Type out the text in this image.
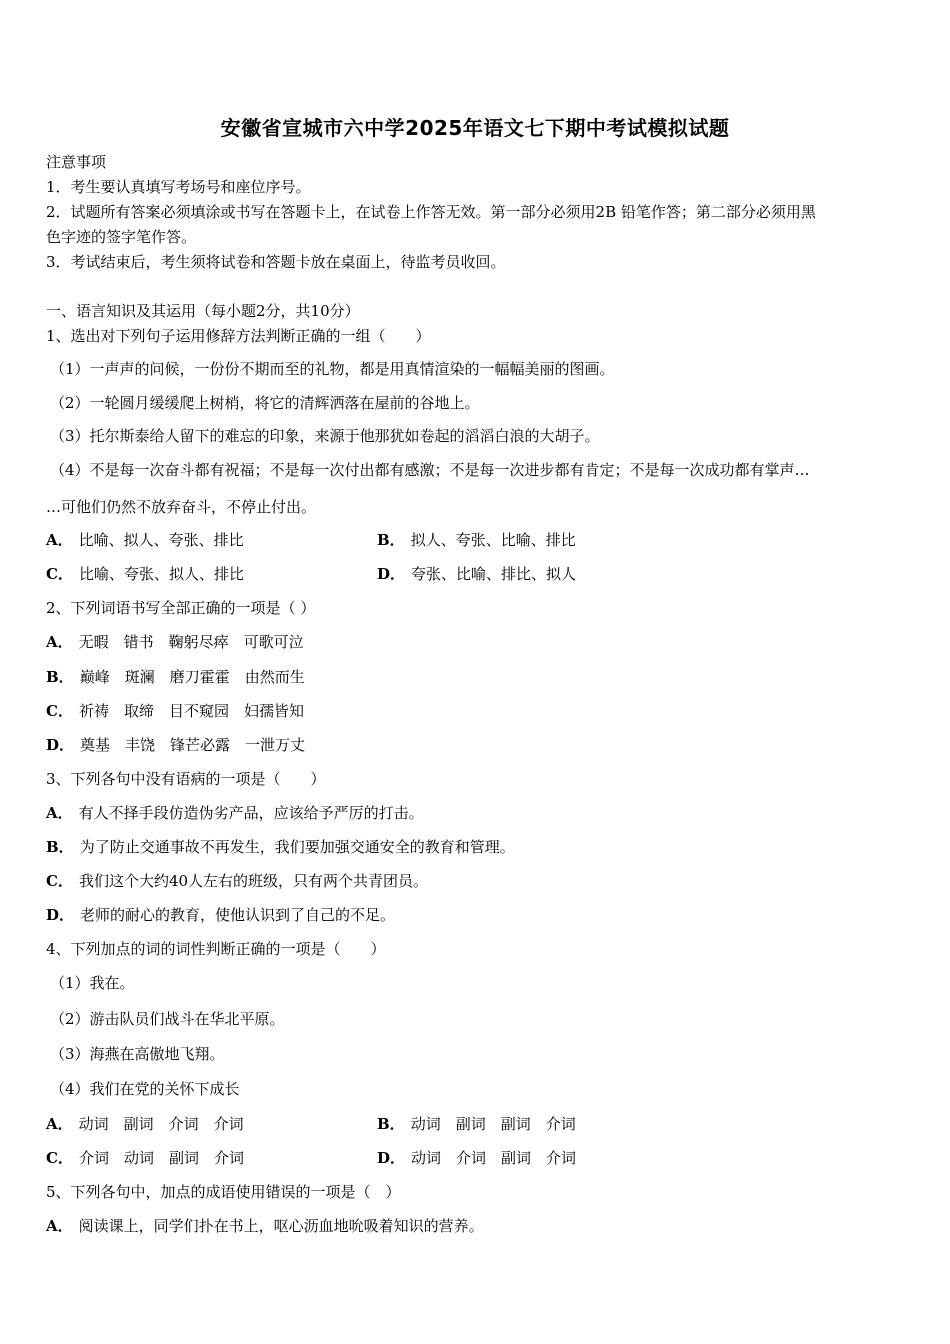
安徽省宣城市六中学2025年语文七下期中考试模拟试题
注意事项
1．考生要认真填写考场号和座位序号。
2．试题所有答案必须填涂或书写在答题卡上，在试卷上作答无效。第一部分必须用2B 铅笔作答；第二部分必须用黑
色字迹的签字笔作答。
3．考试结束后，考生须将试卷和答题卡放在桌面上，待监考员收回。
一、语言知识及其运用（每小题2分，共10分）
1、选出对下列句子运用修辞方法判断正确的一组（　　）
（1）一声声的问候，一份份不期而至的礼物，都是用真情渲染的一幅幅美丽的图画。
（2）一轮圆月缓缓爬上树梢，将它的清辉洒落在屋前的谷地上。
（3）托尔斯泰给人留下的难忘的印象，来源于他那犹如卷起的滔滔白浪的大胡子。
（4）不是每一次奋斗都有祝福；不是每一次付出都有感激；不是每一次进步都有肯定；不是每一次成功都有掌声…
…可他们仍然不放弃奋斗，不停止付出。
A． 比喻、拟人、夸张、排比	B． 拟人、夸张、比喻、排比
C． 比喻、夸张、拟人、排比	D． 夸张、比喻、排比、拟人
2、下列词语书写全部正确的一项是（ ）
A． 无暇　错书　鞠躬尽瘁　可歌可泣
B． 巅峰　斑澜　磨刀霍霍　由然而生
C． 祈祷　取缔　目不窥园　妇孺皆知
D． 奠基　丰饶　锋芒必露　一泄万丈
3、下列各句中没有语病的一项是（　　）
A． 有人不择手段仿造伪劣产品，应该给予严厉的打击。
B． 为了防止交通事故不再发生，我们要加强交通安全的教育和管理。
C． 我们这个大约40人左右的班级，只有两个共青团员。
D． 老师的耐心的教育，使他认识到了自己的不足。
4、下列加点的词的词性判断正确的一项是（　　）
（1）我在。
（2）游击队员们战斗在华北平原。
（3）海燕在高傲地飞翔。
（4）我们在党的关怀下成长
A． 动词　副词　介词　介词	B． 动词　副词　副词　介词
C． 介词　动词　副词　介词	D． 动词　介词　副词　介词
5、下列各句中，加点的成语使用错误的一项是（　）
A． 阅读课上，同学们扑在书上，呕心沥血地吮吸着知识的营养。
